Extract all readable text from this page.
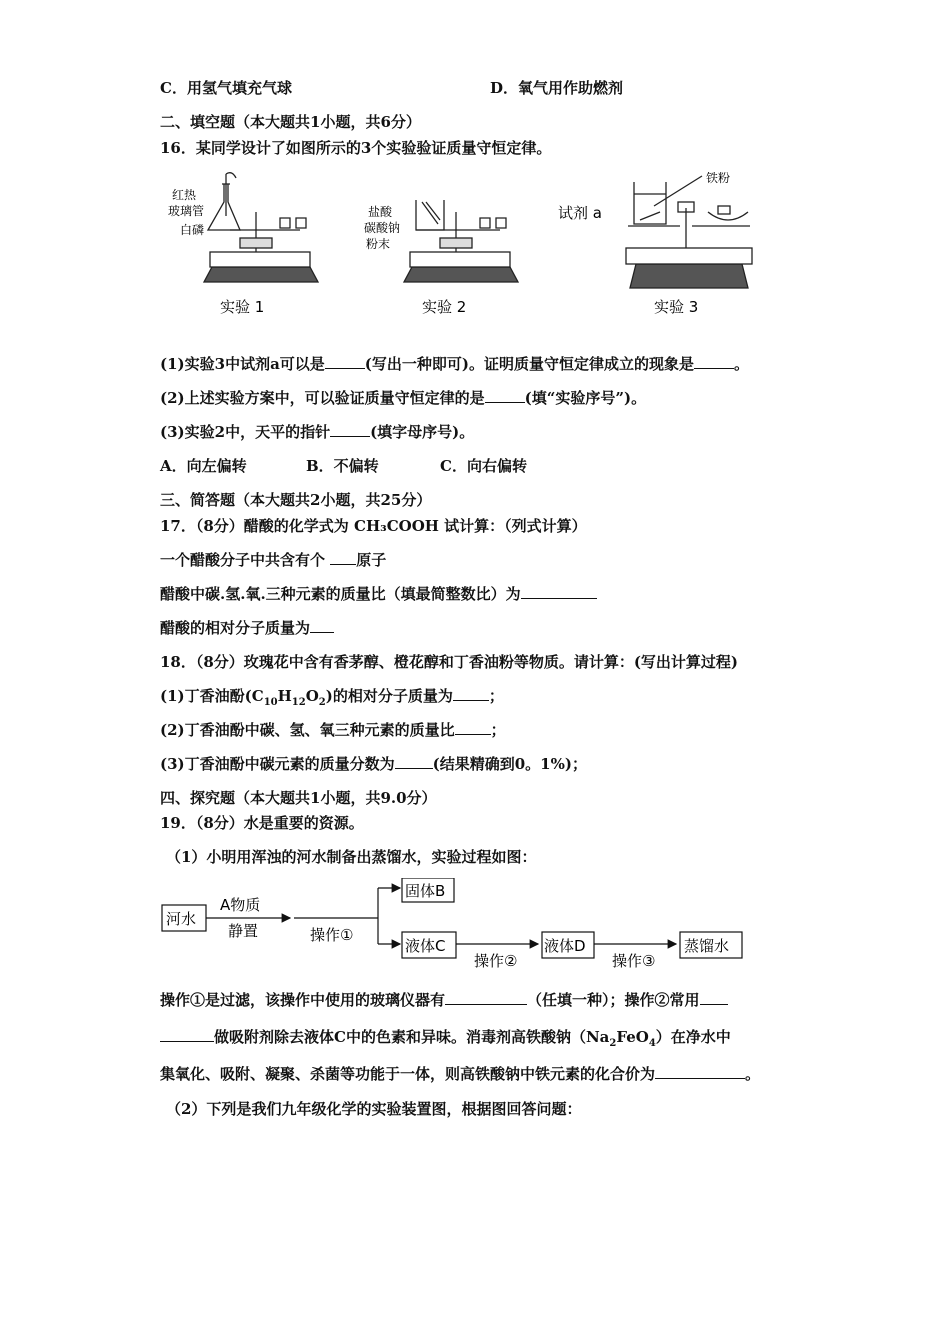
C．用氢气填充气球	D．氧气用作助燃剂
二、填空题（本大题共1小题，共6分）
16．某同学设计了如图所示的3个实验验证质量守恒定律。
红热
玻璃管
白磷
实验 1
盐酸
碳酸钠
粉末
实验 2
试剂 a
铁粉
实验 3
(1)实验3中试剂a可以是	(写出一种即可)。证明质量守恒定律成立的现象是	。
(2)上述实验方案中，可以验证质量守恒定律的是	(填“实验序号”)。
(3)实验2中，天平的指针	(填字母序号)。
A．向左偏转	B．不偏转	C．向右偏转
三、简答题（本大题共2小题，共25分）
17．（8分）醋酸的化学式为 CH₃COOH 试计算：（列式计算）
一个醋酸分子中共含有个 原子
醋酸中碳.氢.氧.三种元素的质量比（填最简整数比）为
醋酸的相对分子质量为
18．（8分）玫瑰花中含有香茅醇、橙花醇和丁香油粉等物质。请计算：(写出计算过程)
(1)丁香油酚$(C_{10}H_{12}O_2)$的相对分子质量为 ；
(2)丁香油酚中碳、氢、氧三种元素的质量比 ；
(3)丁香油酚中碳元素的质量分数为	(结果精确到0。1%)；
四、探究题（本大题共1小题，共9.0分）
19．（8分）水是重要的资源。
（1）小明用浑浊的河水制备出蒸馏水，实验过程如图：
河水
A物质
静置	操作①
固体B
液体C
操作②
液体D
操作③
蒸馏水
操作①是过滤，该操作中使用的玻璃仪器有	（任填一种）；操作②常用
做吸附剂除去液体C中的色素和异味。消毒剂高铁酸钠$(Na_2FeO_4)$在净水中
集氧化、吸附、凝聚、杀菌等功能于一体，则高铁酸钠中铁元素的化合价为	。
（2）下列是我们九年级化学的实验装置图，根据图回答问题：
